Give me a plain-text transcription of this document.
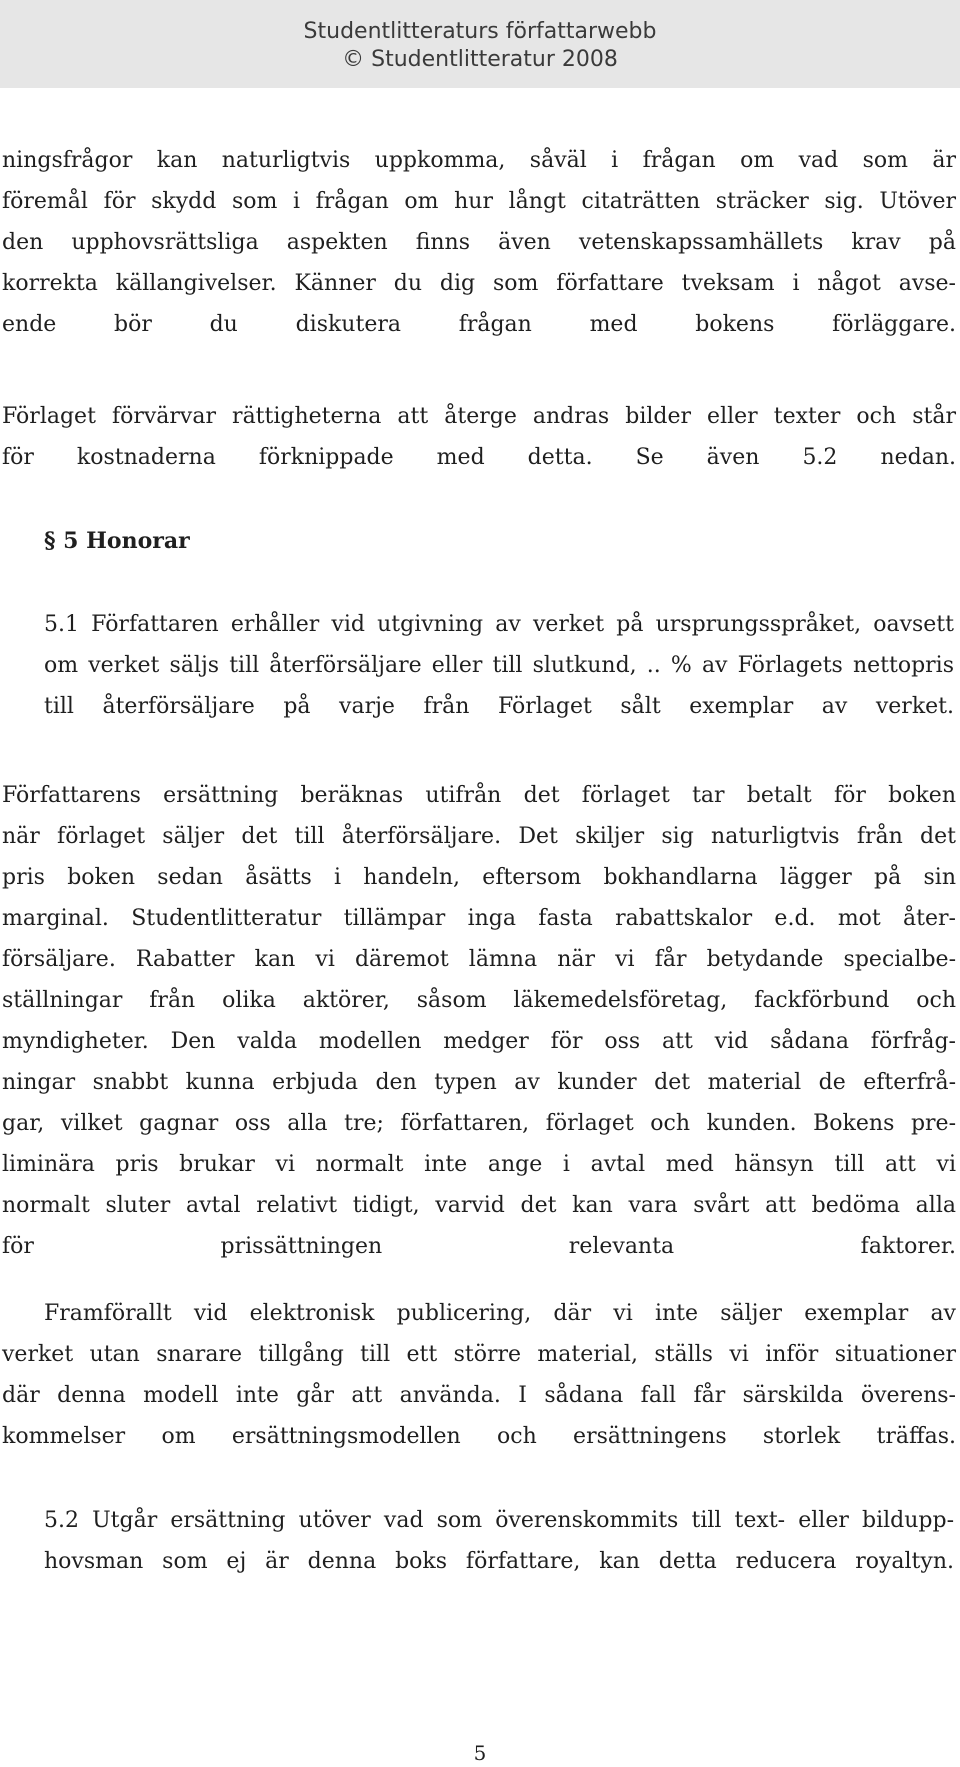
Studentlitteraturs författarwebb
© Studentlitteratur 2008
ningsfrågor kan naturligtvis uppkomma, såväl i frågan om vad som är
föremål för skydd som i frågan om hur långt citaträtten sträcker sig. Utöver
den upphovsrättsliga aspekten finns även vetenskapssamhällets krav på
korrekta källangivelser. Känner du dig som författare tveksam i något avse-
ende bör du diskutera frågan med bokens förläggare.
Förlaget förvärvar rättigheterna att återge andras bilder eller texter och står
för kostnaderna förknippade med detta. Se även 5.2 nedan.
§ 5 Honorar
5.1 Författaren erhåller vid utgivning av verket på ursprungsspråket, oavsett
om verket säljs till återförsäljare eller till slutkund, .. % av Förlagets nettopris
till återförsäljare på varje från Förlaget sålt exemplar av verket.
Författarens ersättning beräknas utifrån det förlaget tar betalt för boken
när förlaget säljer det till återförsäljare. Det skiljer sig naturligtvis från det
pris boken sedan åsätts i handeln, eftersom bokhandlarna lägger på sin
marginal. Studentlitteratur tillämpar inga fasta rabattskalor e.d. mot åter-
försäljare. Rabatter kan vi däremot lämna när vi får betydande specialbe-
ställningar från olika aktörer, såsom läkemedelsföretag, fackförbund och
myndigheter. Den valda modellen medger för oss att vid sådana förfråg-
ningar snabbt kunna erbjuda den typen av kunder det material de efterfrå-
gar, vilket gagnar oss alla tre; författaren, förlaget och kunden. Bokens pre-
liminära pris brukar vi normalt inte ange i avtal med hänsyn till att vi
normalt sluter avtal relativt tidigt, varvid det kan vara svårt att bedöma alla
för prissättningen relevanta faktorer.
Framförallt vid elektronisk publicering, där vi inte säljer exemplar av
verket utan snarare tillgång till ett större material, ställs vi inför situationer
där denna modell inte går att använda. I sådana fall får särskilda överens-
kommelser om ersättningsmodellen och ersättningens storlek träffas.
5.2 Utgår ersättning utöver vad som överenskommits till text- eller bildupp-
hovsman som ej är denna boks författare, kan detta reducera royaltyn.
5
